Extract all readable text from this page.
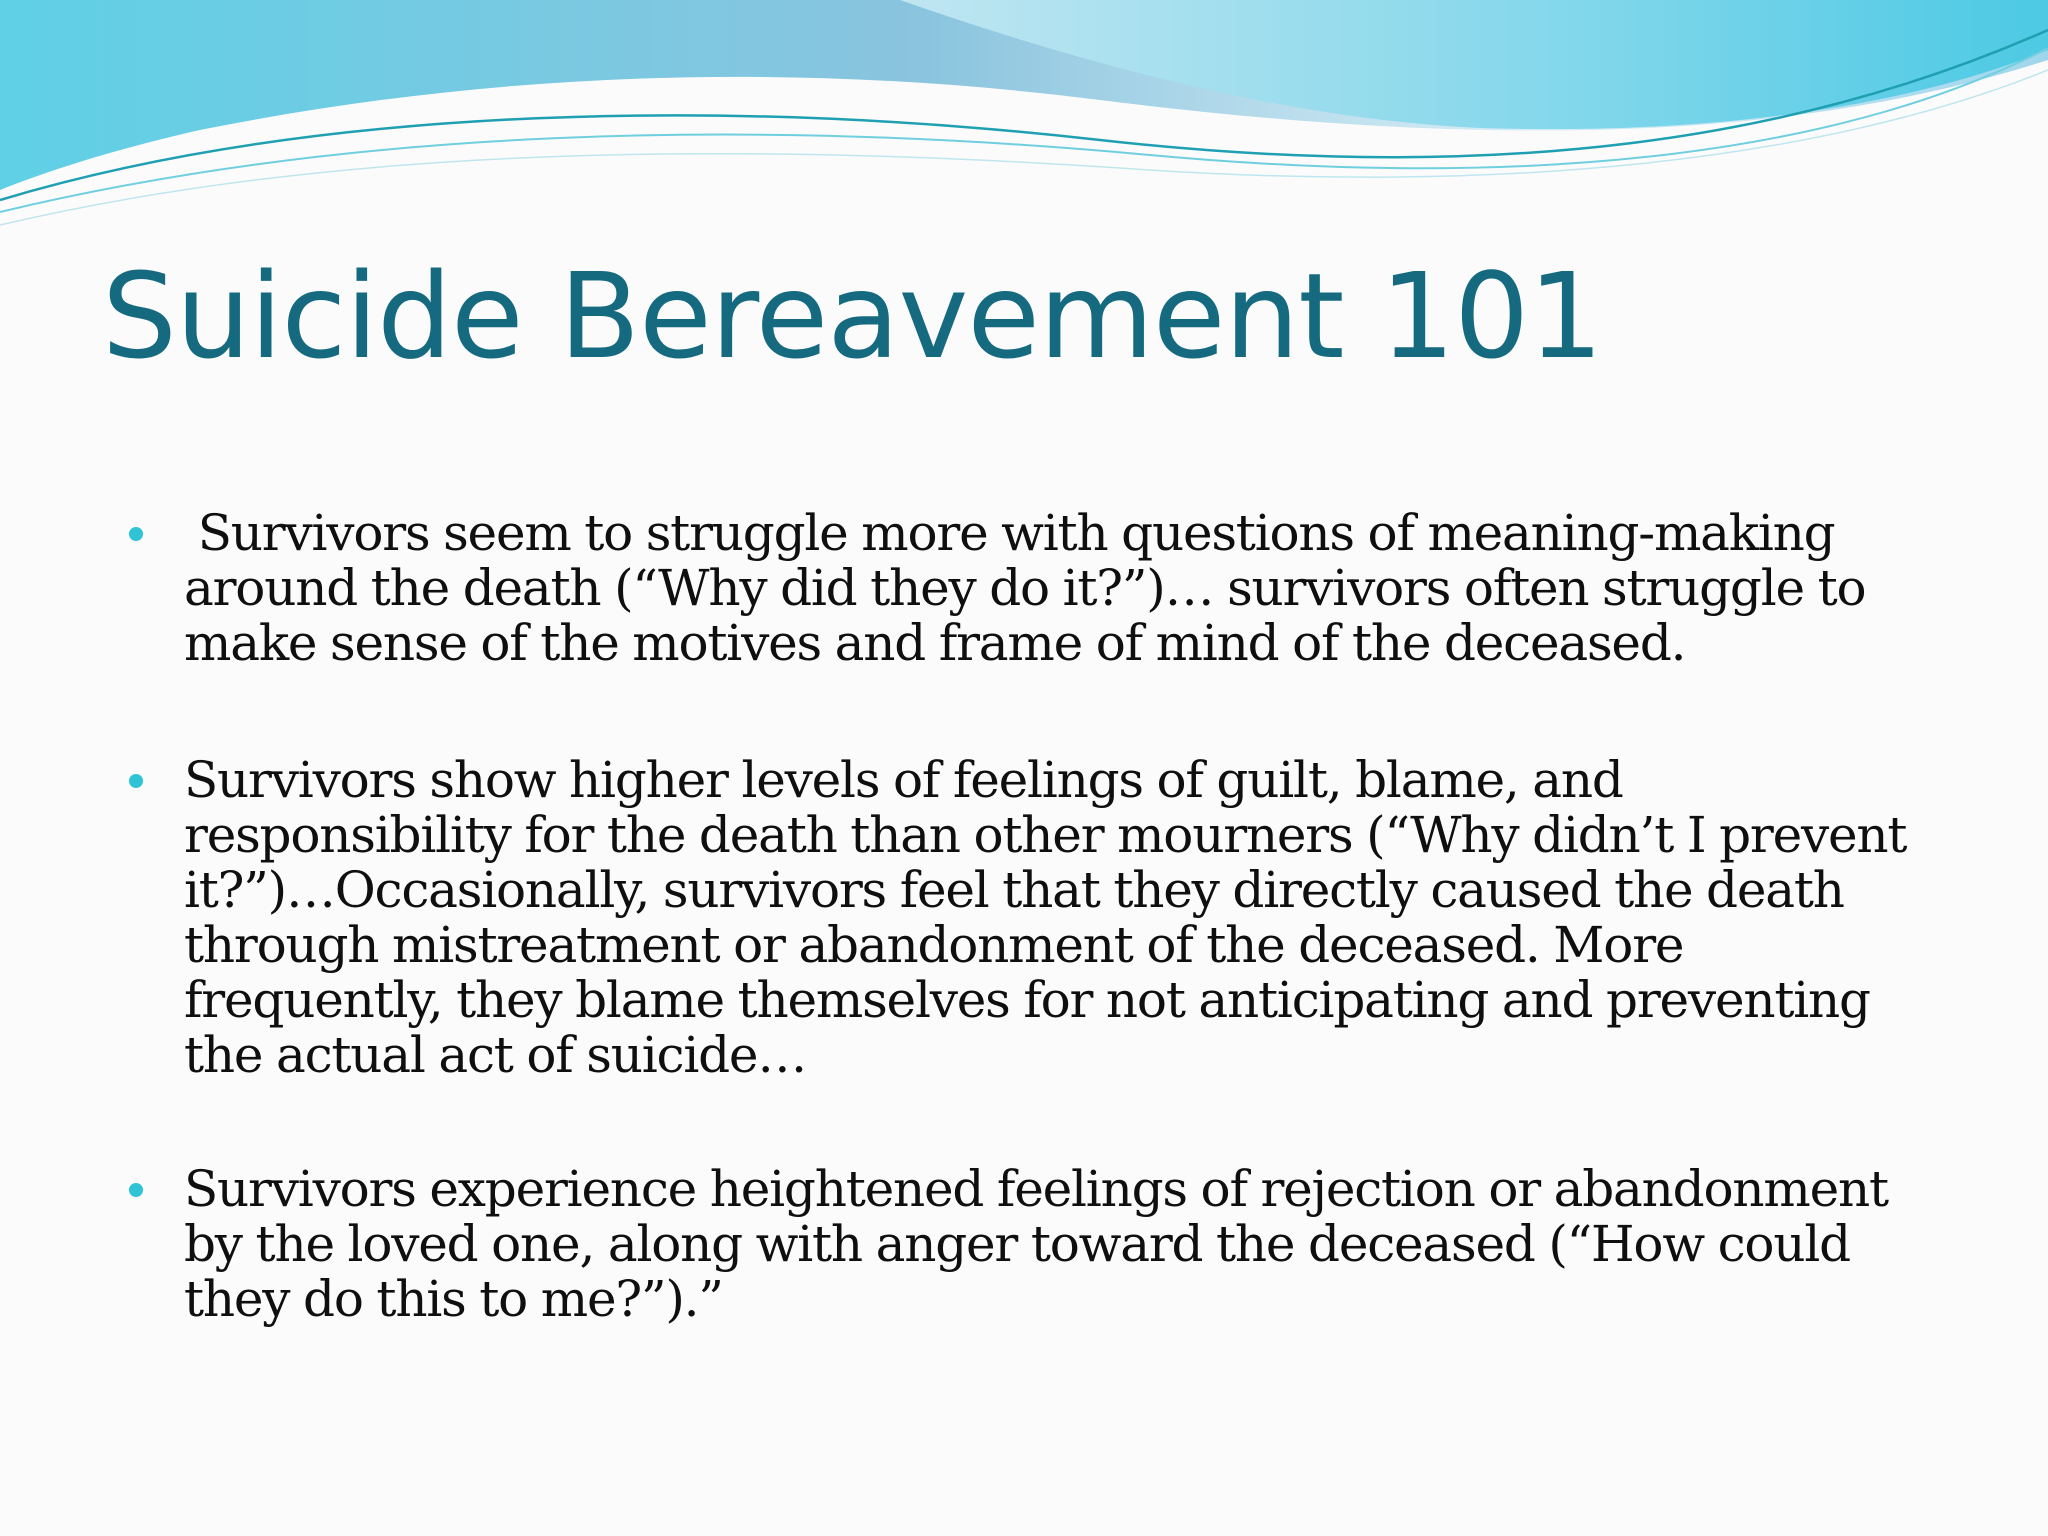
Suicide Bereavement 101

Survivors seem to struggle more with questions of meaning-making
around the death (“Why did they do it?”)… survivors often struggle to
make sense of the motives and frame of mind of the deceased.

Survivors show higher levels of feelings of guilt, blame, and
responsibility for the death than other mourners (“Why didn’t I prevent
it?”)…Occasionally, survivors feel that they directly caused the death
through mistreatment or abandonment of the deceased. More
frequently, they blame themselves for not anticipating and preventing
the actual act of suicide…

Survivors experience heightened feelings of rejection or abandonment
by the loved one, along with anger toward the deceased (“How could
they do this to me?”).”
